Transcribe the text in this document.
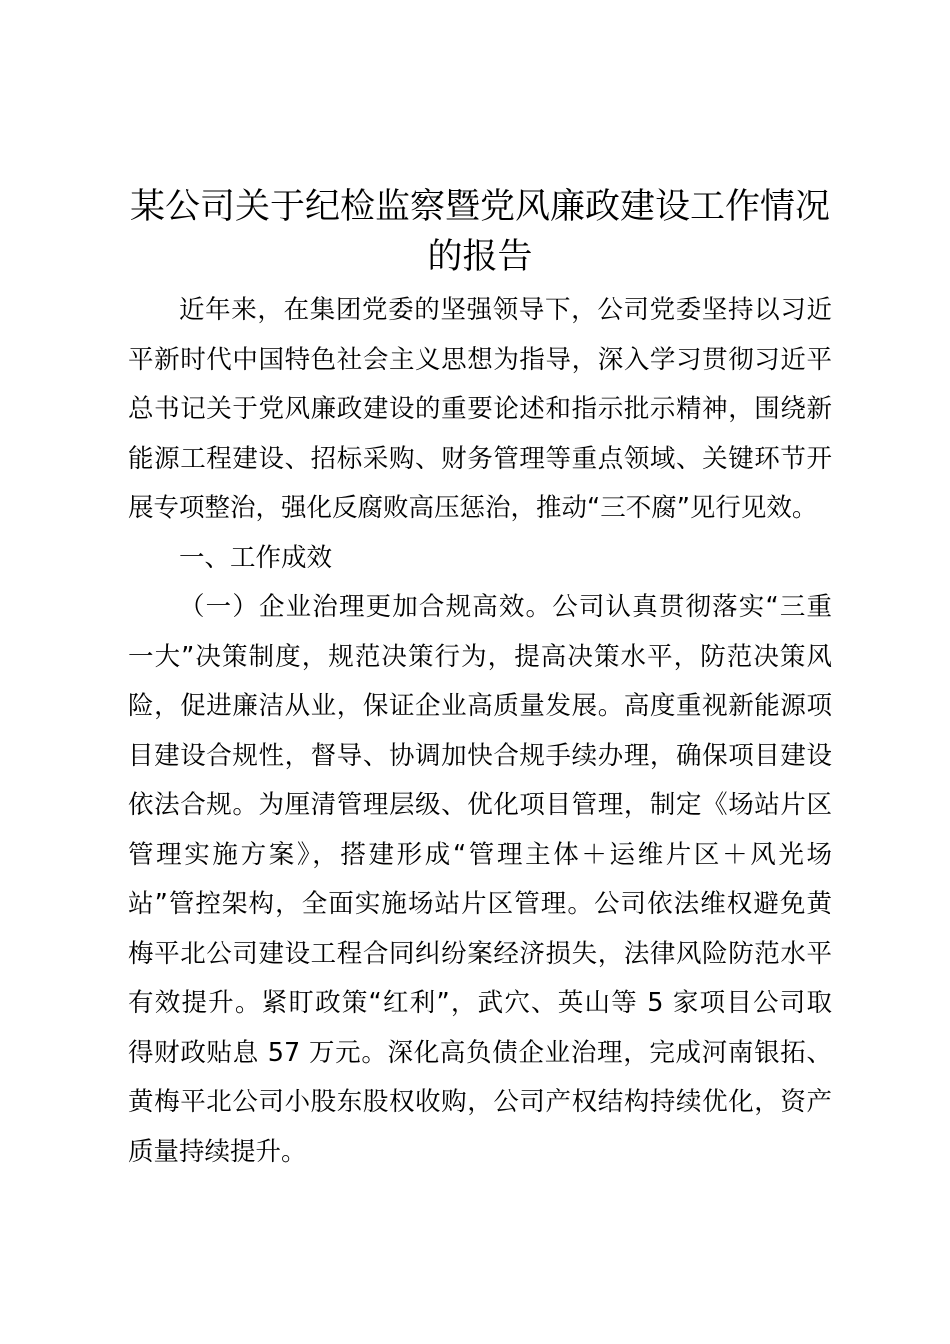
某公司关于纪检监察暨党风廉政建设工作情况
的报告

近年来，在集团党委的坚强领导下，公司党委坚持以习近
平新时代中国特色社会主义思想为指导，深入学习贯彻习近平
总书记关于党风廉政建设的重要论述和指示批示精神，围绕新
能源工程建设、招标采购、财务管理等重点领域、关键环节开
展专项整治，强化反腐败高压惩治，推动“三不腐”见行见效。

一、工作成效

（一）企业治理更加合规高效。公司认真贯彻落实“三重
一大”决策制度，规范决策行为，提高决策水平，防范决策风
险，促进廉洁从业，保证企业高质量发展。高度重视新能源项
目建设合规性，督导、协调加快合规手续办理，确保项目建设
依法合规。为厘清管理层级、优化项目管理，制定《场站片区
管理实施方案》，搭建形成“管理主体＋运维片区＋风光场
站”管控架构，全面实施场站片区管理。公司依法维权避免黄
梅平北公司建设工程合同纠纷案经济损失，法律风险防范水平
有效提升。紧盯政策“红利”，武穴、英山等 5 家项目公司取
得财政贴息 57 万元。深化高负债企业治理，完成河南银拓、
黄梅平北公司小股东股权收购，公司产权结构持续优化，资产
质量持续提升。
